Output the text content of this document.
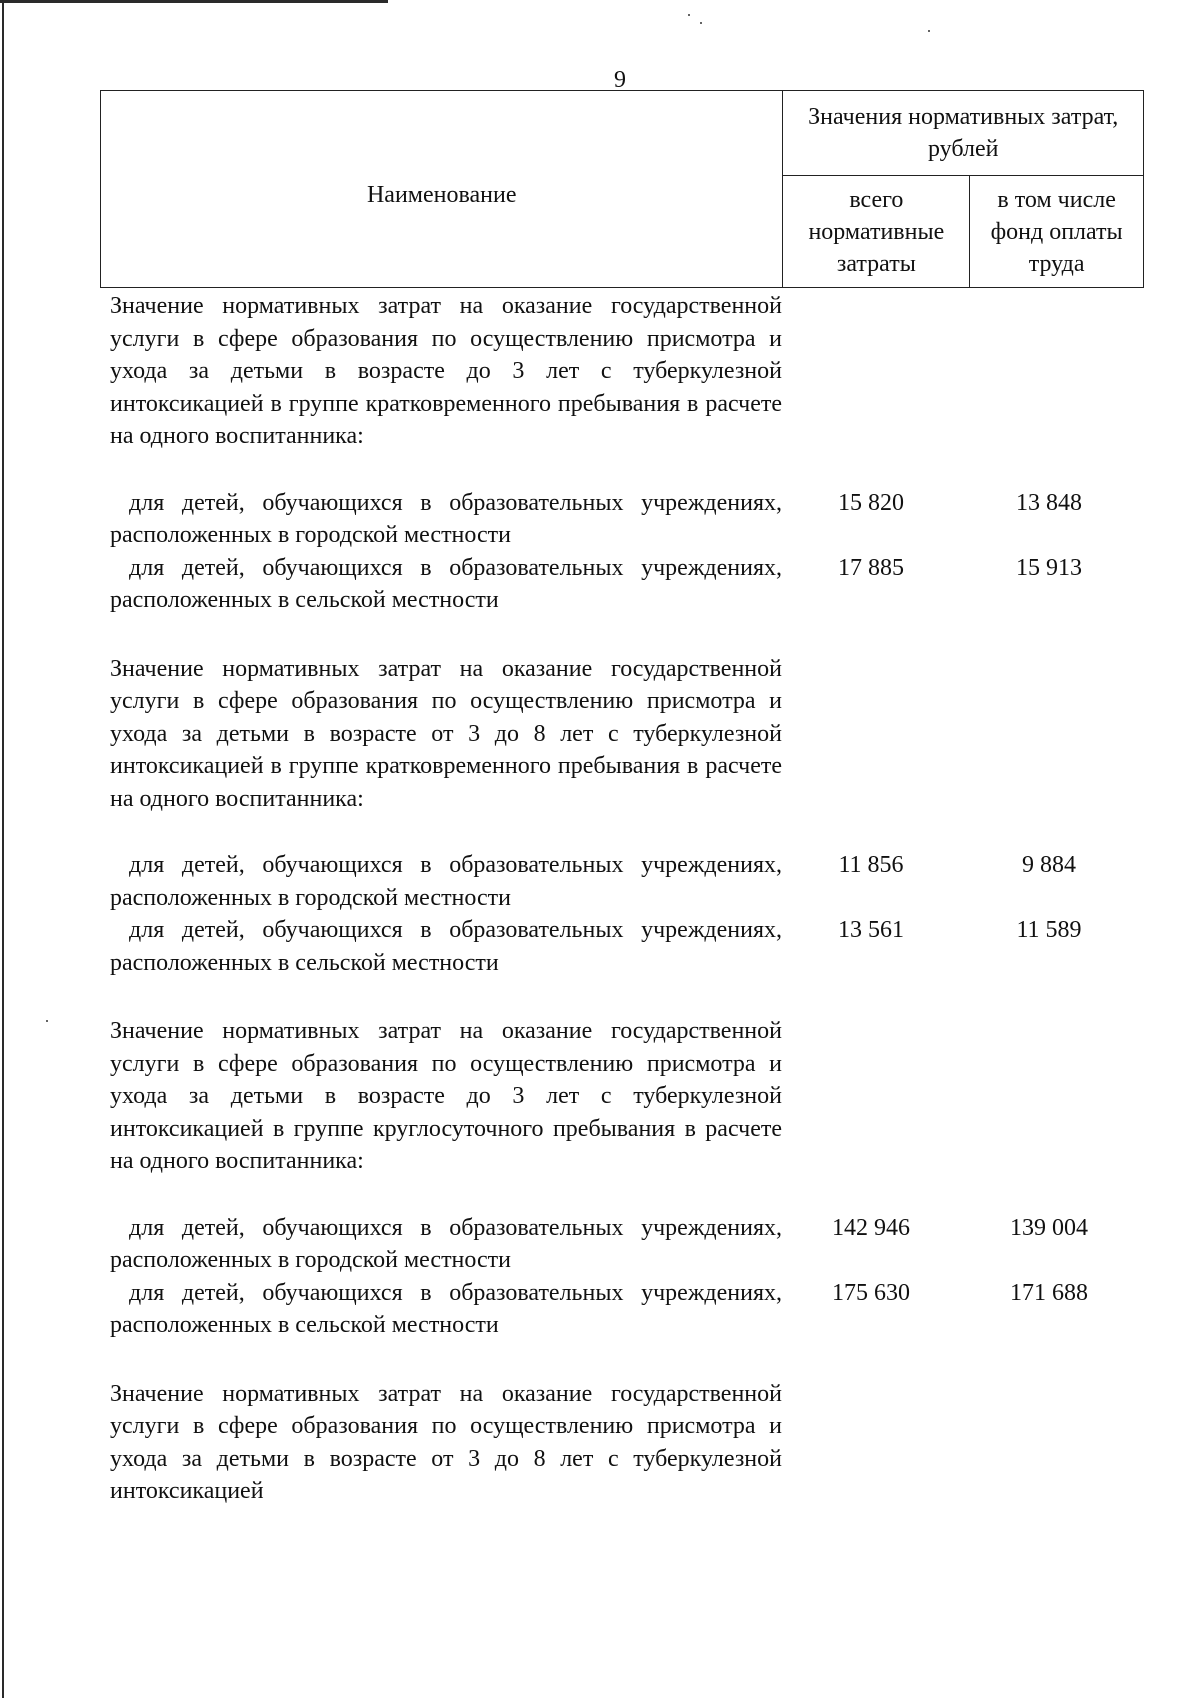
9
Наименование	Значения нормативных затрат, рублей	
	всего нормативные затраты	в том числе фонд оплаты труда
Значение нормативных затрат на оказание государственной услуги в сфере образования по осуществлению присмотра и ухода за детьми в возрасте до 3 лет с туберкулезной интоксикацией в группе кратковременного пребывания в расчете на одного воспитанника:
для детей, обучающихся в образовательных учреждениях, расположенных в городской местности
15 820	13 848
для детей, обучающихся в образовательных учреждениях, расположенных в сельской местности
17 885	15 913
Значение нормативных затрат на оказание государственной услуги в сфере образования по осуществлению присмотра и ухода за детьми в возрасте от 3 до 8 лет с туберкулезной интоксикацией в группе кратковременного пребывания в расчете на одного воспитанника:
для детей, обучающихся в образовательных учреждениях, расположенных в городской местности
11 856	9 884
для детей, обучающихся в образовательных учреждениях, расположенных в сельской местности
13 561	11 589
Значение нормативных затрат на оказание государственной услуги в сфере образования по осуществлению присмотра и ухода за детьми в возрасте до 3 лет с туберкулезной интоксикацией в группе круглосуточного пребывания в расчете на одного воспитанника:
для детей, обучающихся в образовательных учреждениях, расположенных в городской местности
142 946	139 004
для детей, обучающихся в образовательных учреждениях, расположенных в сельской местности
175 630	171 688
Значение нормативных затрат на оказание государственной услуги в сфере образования по осуществлению присмотра и ухода за детьми в возрасте от 3 до 8 лет с туберкулезной интоксикацией
